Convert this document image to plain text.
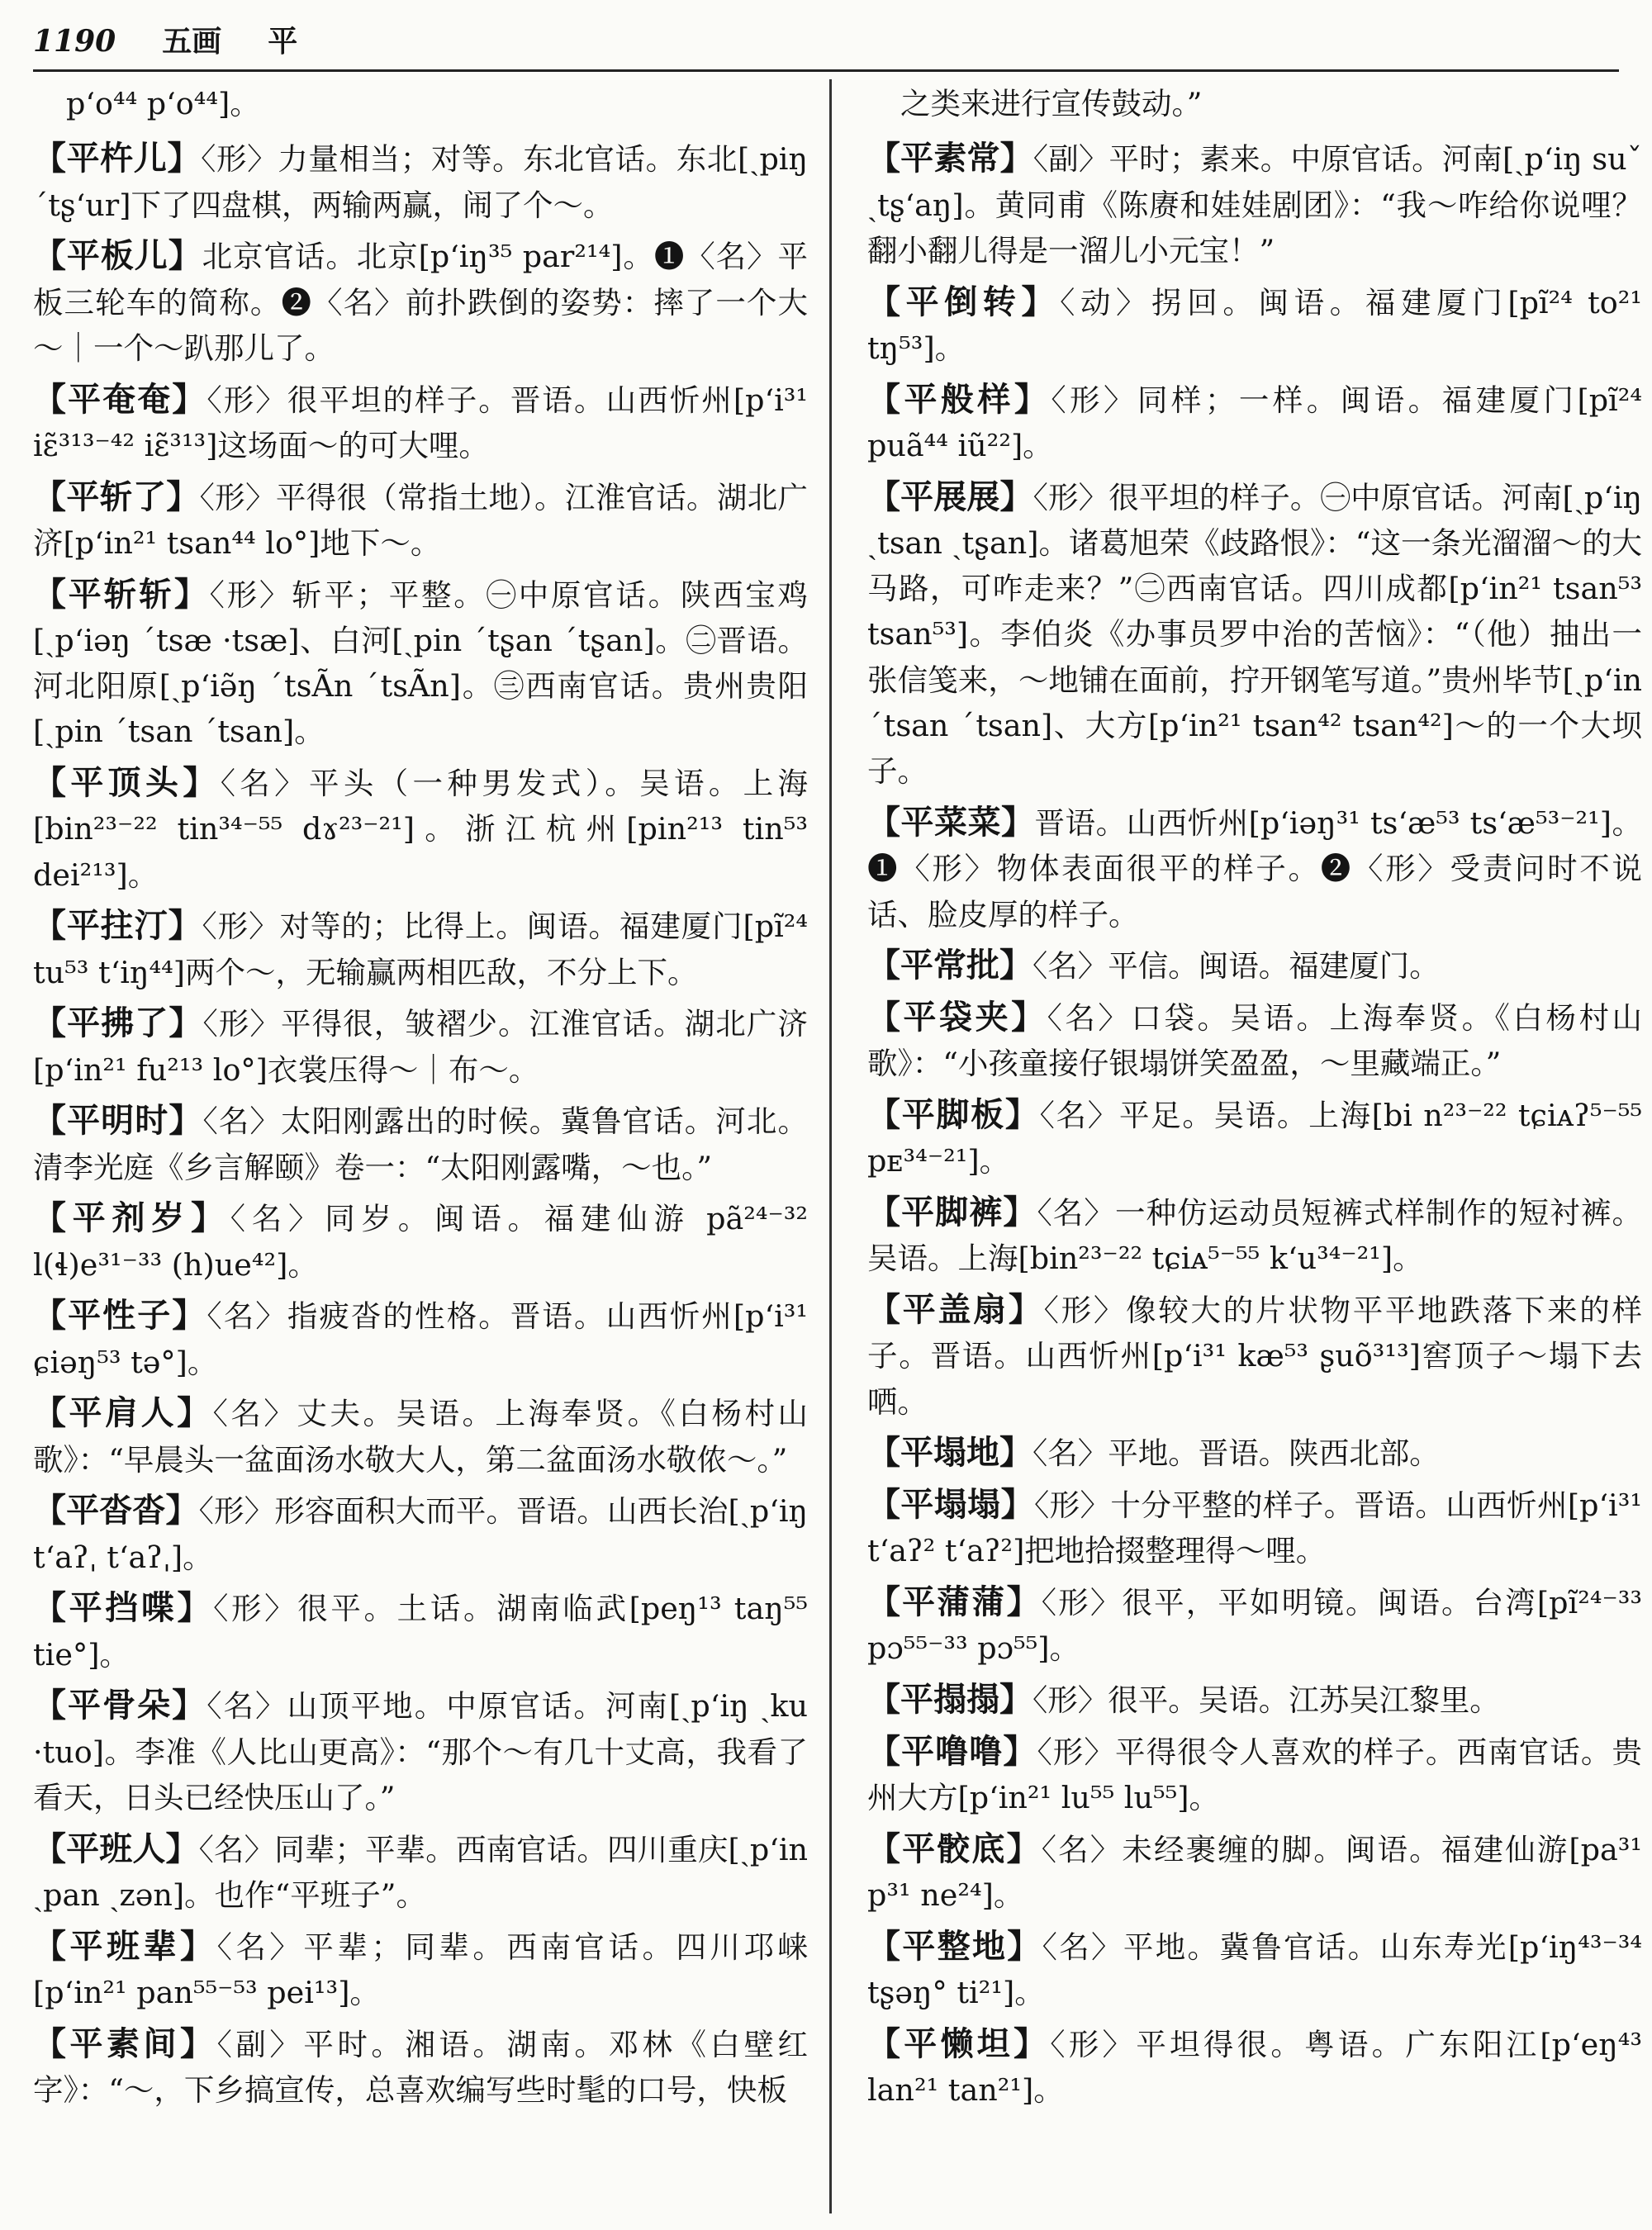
1190 五画 平

p‘o⁴⁴ p‘o⁴⁴]。

【平杵儿】〈形〉力量相当；对等。东北官话。东北[ˏpiŋ ˊtʂ‘ur]下了四盘棋，两输两赢，闹了个～。

【平板儿】北京官话。北京[p‘iŋ³⁵ par²¹⁴]。❶〈名〉平板三轮车的简称。❷〈名〉前扑跌倒的姿势：摔了一个大～｜一个～趴那儿了。

【平奄奄】〈形〉很平坦的样子。晋语。山西忻州[p‘i³¹ iɛ̃³¹³⁻⁴² iɛ̃³¹³]这场面～的可大哩。

【平斩了】〈形〉平得很（常指土地）。江淮官话。湖北广济[p‘in²¹ tsan⁴⁴ lo°]地下～。

【平斩斩】〈形〉斩平；平整。㊀中原官话。陕西宝鸡[ˏp‘iəŋ ˊtsæ ·tsæ]、白河[ˏpin ˊtʂan ˊtʂan]。㊁晋语。河北阳原[ˏp‘iə̃ŋ ˊtsÃn ˊtsÃn]。㊂西南官话。贵州贵阳[ˏpin ˊtsan ˊtsan]。

【平顶头】〈名〉平头（一种男发式）。吴语。上海[bin²³⁻²² tin³⁴⁻⁵⁵ dɤ²³⁻²¹]。浙江杭州[pin²¹³ tin⁵³ dei²¹³]。

【平拄汀】〈形〉对等的；比得上。闽语。福建厦门[pĩ²⁴ tu⁵³ t‘iŋ⁴⁴]两个～，无输赢两相匹敌，不分上下。

【平拂了】〈形〉平得很，皱褶少。江淮官话。湖北广济[p‘in²¹ fu²¹³ lo°]衣裳压得～｜布～。

【平明时】〈名〉太阳刚露出的时候。冀鲁官话。河北。清李光庭《乡言解颐》卷一：“太阳刚露嘴，～也。”

【平剂岁】〈名〉同岁。闽语。福建仙游 pã²⁴⁻³² l(ɬ)e³¹⁻³³ (h)ue⁴²]。

【平性子】〈名〉指疲沓的性格。晋语。山西忻州[p‘i³¹ ɕiəŋ⁵³ tə°]。

【平肩人】〈名〉丈夫。吴语。上海奉贤。《白杨村山歌》：“早晨头一盆面汤水敬大人，第二盆面汤水敬侬～。”

【平沓沓】〈形〉形容面积大而平。晋语。山西长治[ˏp‘iŋ t‘aʔˌ t‘aʔˌ]。

【平挡喋】〈形〉很平。土话。湖南临武[peŋ¹³ taŋ⁵⁵ tie°]。

【平骨朵】〈名〉山顶平地。中原官话。河南[ˏp‘iŋ ˏku ·tuo]。李准《人比山更高》：“那个～有几十丈高，我看了看天，日头已经快压山了。”

【平班人】〈名〉同辈；平辈。西南官话。四川重庆[ˏp‘in ˏpan ˏzən]。也作“平班子”。

【平班辈】〈名〉平辈；同辈。西南官话。四川邛崃[p‘in²¹ pan⁵⁵⁻⁵³ pei¹³]。

【平素间】〈副〉平时。湘语。湖南。邓林《白壁红字》：“～，下乡搞宣传，总喜欢编写些时髦的口号，快板

之类来进行宣传鼓动。”

【平素常】〈副〉平时；素来。中原官话。河南[ˏp‘iŋ suˇ ˏtʂ‘aŋ]。黄同甫《陈赓和娃娃剧团》：“我～咋给你说哩？翻小翻儿得是一溜儿小元宝！”

【平倒转】〈动〉拐回。闽语。福建厦门[pĩ²⁴ to²¹ tŋ⁵³]。

【平般样】〈形〉同样；一样。闽语。福建厦门[pĩ²⁴ puã⁴⁴ iũ²²]。

【平展展】〈形〉很平坦的样子。㊀中原官话。河南[ˏp‘iŋ ˏtsan ˏtʂan]。诸葛旭荣《歧路恨》：“这一条光溜溜～的大马路，可咋走来？”㊁西南官话。四川成都[p‘in²¹ tsan⁵³ tsan⁵³]。李伯炎《办事员罗中治的苦恼》：“（他）抽出一张信笺来，～地铺在面前，拧开钢笔写道。”贵州毕节[ˏp‘in ˊtsan ˊtsan]、大方[p‘in²¹ tsan⁴² tsan⁴²]～的一个大坝子。

【平菜菜】晋语。山西忻州[p‘iəŋ³¹ ts‘æ⁵³ ts‘æ⁵³⁻²¹]。❶〈形〉物体表面很平的样子。❷〈形〉受责问时不说话、脸皮厚的样子。

【平常批】〈名〉平信。闽语。福建厦门。

【平袋夹】〈名〉口袋。吴语。上海奉贤。《白杨村山歌》：“小孩童接仔银塌饼笑盈盈，～里藏端正。”

【平脚板】〈名〉平足。吴语。上海[bi n²³⁻²² tɕiᴀʔ⁵⁻⁵⁵ pᴇ³⁴⁻²¹]。

【平脚裤】〈名〉一种仿运动员短裤式样制作的短衬裤。吴语。上海[bin²³⁻²² tɕiᴀ⁵⁻⁵⁵ k‘u³⁴⁻²¹]。

【平盖扇】〈形〉像较大的片状物平平地跌落下来的样子。晋语。山西忻州[p‘i³¹ kæ⁵³ ʂuõ³¹³]窖顶子～塌下去哂。

【平塌地】〈名〉平地。晋语。陕西北部。

【平塌塌】〈形〉十分平整的样子。晋语。山西忻州[p‘i³¹ t‘aʔ² t‘aʔ²]把地拾掇整理得～哩。

【平蒲蒲】〈形〉很平，平如明镜。闽语。台湾[pĩ²⁴⁻³³ pɔ⁵⁵⁻³³ pɔ⁵⁵]。

【平搨搨】〈形〉很平。吴语。江苏吴江黎里。

【平噜噜】〈形〉平得很令人喜欢的样子。西南官话。贵州大方[p‘in²¹ lu⁵⁵ lu⁵⁵]。

【平骹底】〈名〉未经裹缠的脚。闽语。福建仙游[pa³¹ p³¹ ne²⁴]。

【平整地】〈名〉平地。冀鲁官话。山东寿光[p‘iŋ⁴³⁻³⁴ tʂəŋ° ti²¹]。

【平懒坦】〈形〉平坦得很。粤语。广东阳江[p‘eŋ⁴³ lan²¹ tan²¹]。
